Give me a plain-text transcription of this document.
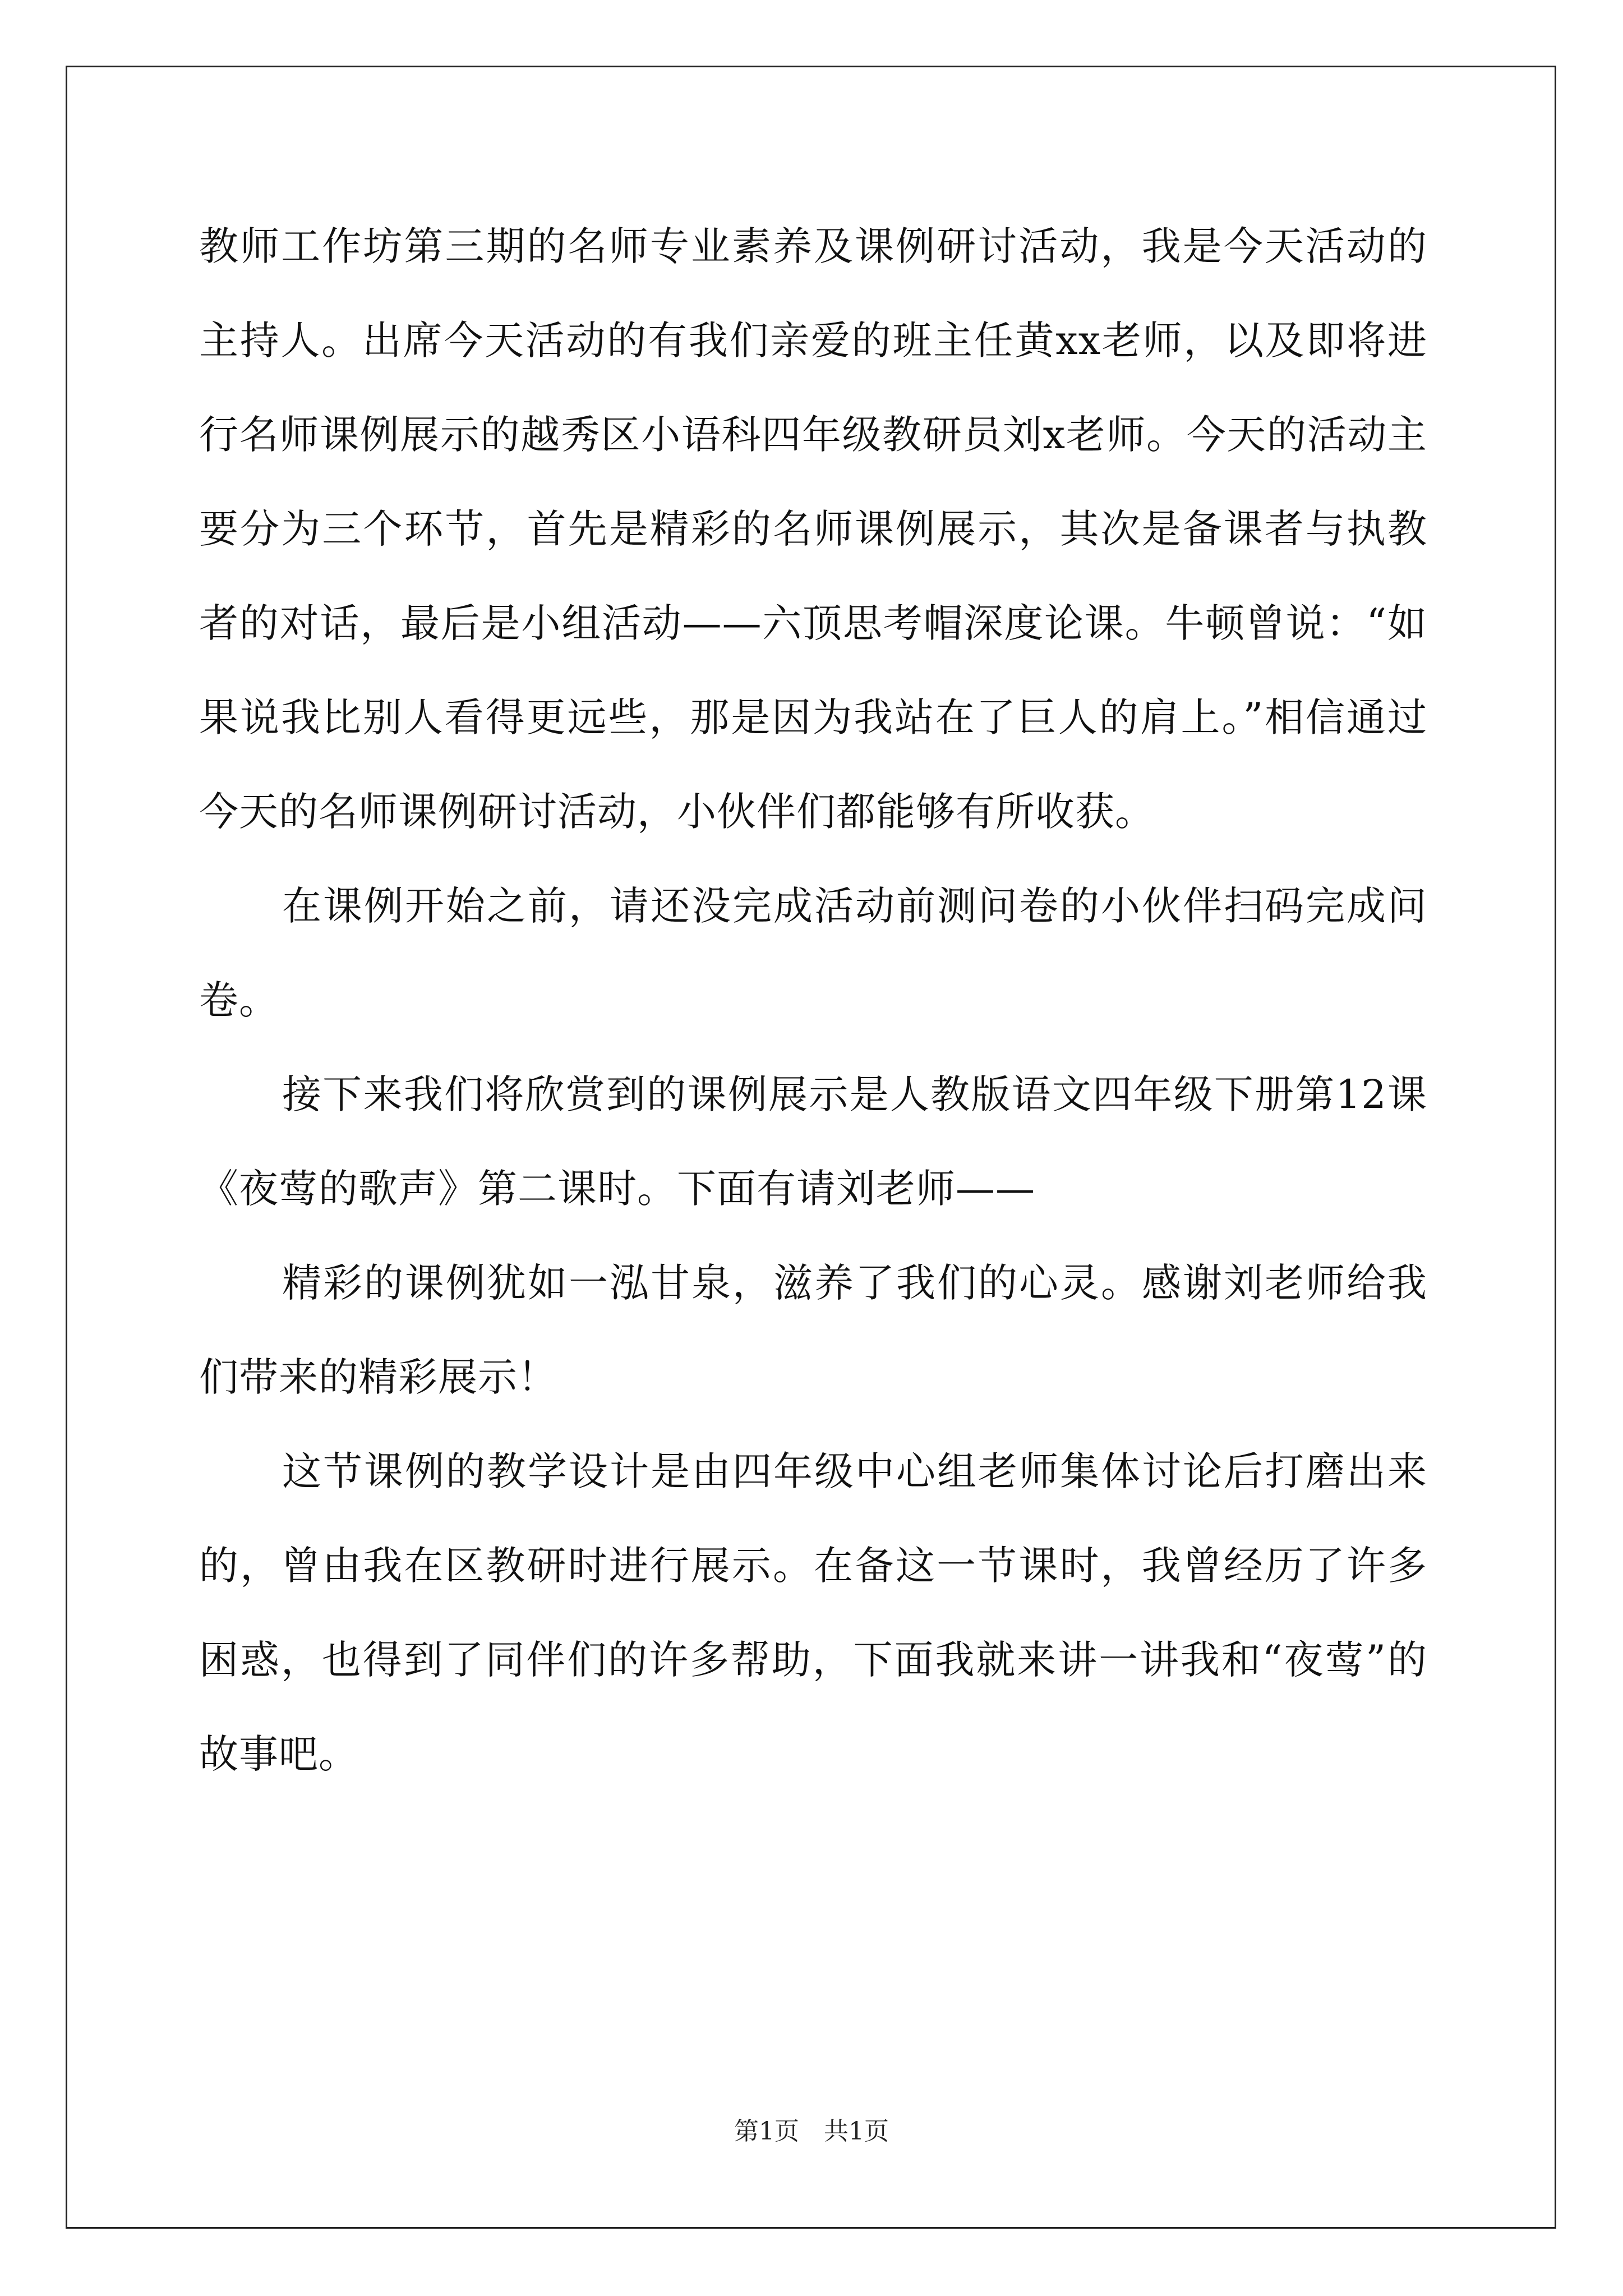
教师工作坊第三期的名师专业素养及课例研讨活动，我是今天活动的主持人。出席今天活动的有我们亲爱的班主任黄xx老师，以及即将进行名师课例展示的越秀区小语科四年级教研员刘x老师。今天的活动主要分为三个环节，首先是精彩的名师课例展示，其次是备课者与执教者的对话，最后是小组活动——六顶思考帽深度论课。牛顿曾说：“如果说我比别人看得更远些，那是因为我站在了巨人的肩上。”相信通过今天的名师课例研讨活动，小伙伴们都能够有所收获。

在课例开始之前，请还没完成活动前测问卷的小伙伴扫码完成问卷。

接下来我们将欣赏到的课例展示是人教版语文四年级下册第12课《夜莺的歌声》第二课时。下面有请刘老师——

精彩的课例犹如一泓甘泉，滋养了我们的心灵。感谢刘老师给我们带来的精彩展示！

这节课例的教学设计是由四年级中心组老师集体讨论后打磨出来的，曾由我在区教研时进行展示。在备这一节课时，我曾经历了许多困惑，也得到了同伴们的许多帮助，下面我就来讲一讲我和“夜莺”的故事吧。

第1页　共1页
